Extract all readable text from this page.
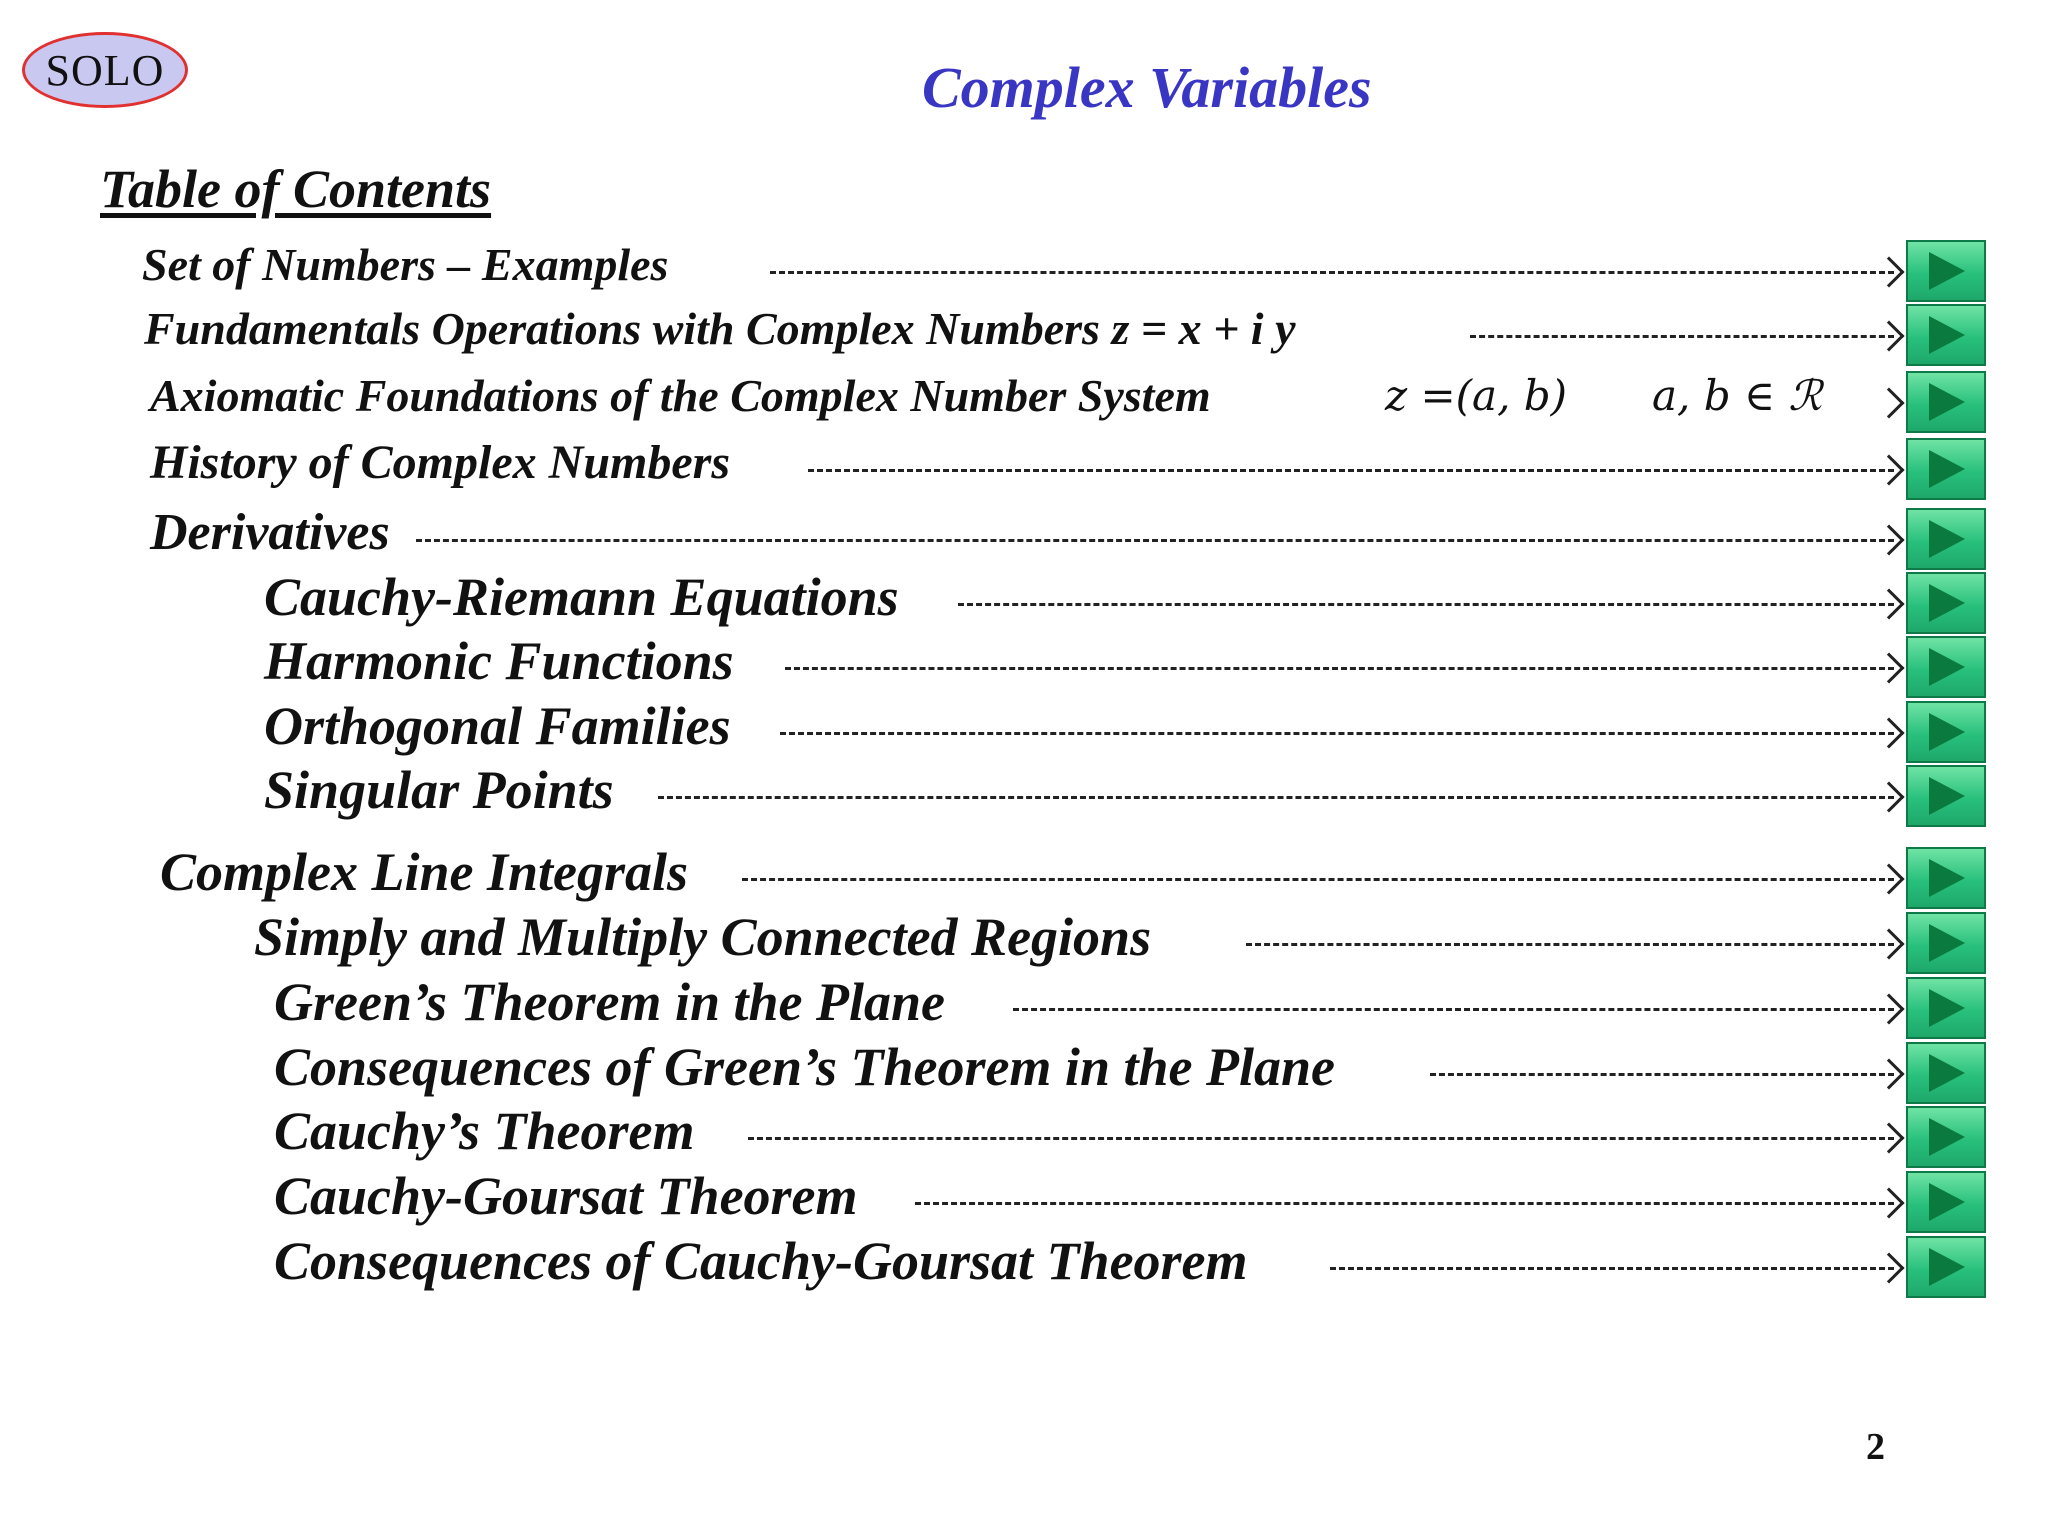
SOLO	Complex Variables
Table of Contents
Set of Numbers – Examples
Fundamentals Operations with Complex Numbers z = x + i y
Axiomatic Foundations of the Complex Number System	z =(a, b) a, b ∈ ℛ
History of Complex Numbers
Derivatives
Cauchy-Riemann Equations
Harmonic Functions
Orthogonal Families
Singular Points
Complex Line Integrals
Simply and Multiply Connected Regions
Green’s Theorem in the Plane
Consequences of Green’s Theorem in the Plane
Cauchy’s Theorem
Cauchy-Goursat Theorem
Consequences of Cauchy-Goursat Theorem
2
